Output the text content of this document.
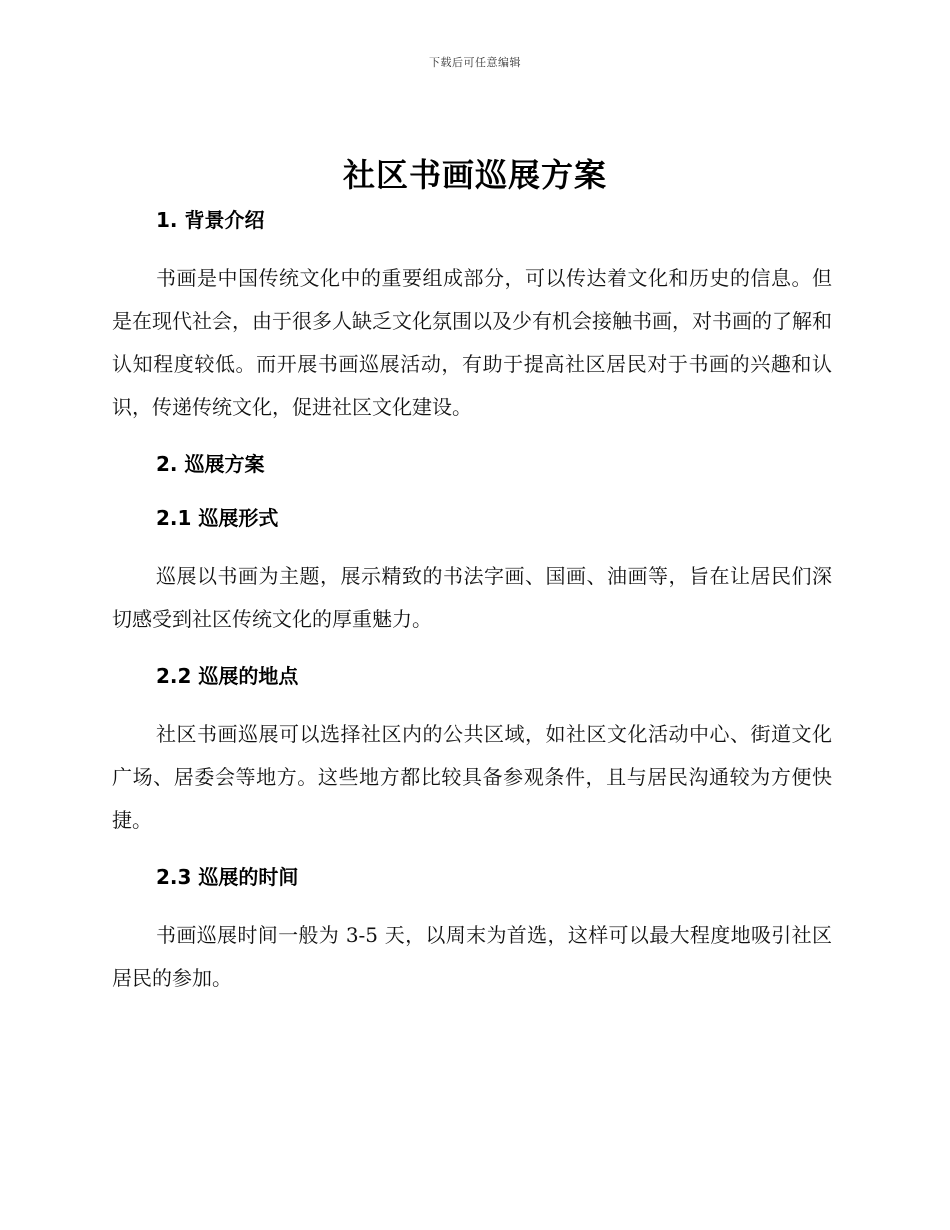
下载后可任意编辑
社区书画巡展方案
1. 背景介绍

书画是中国传统文化中的重要组成部分，可以传达着文化和历史的信息。但是在现代社会，由于很多人缺乏文化氛围以及少有机会接触书画，对书画的了解和认知程度较低。而开展书画巡展活动，有助于提高社区居民对于书画的兴趣和认识，传递传统文化，促进社区文化建设。

2. 巡展方案
2.1 巡展形式

巡展以书画为主题，展示精致的书法字画、国画、油画等，旨在让居民们深切感受到社区传统文化的厚重魅力。

2.2 巡展的地点

社区书画巡展可以选择社区内的公共区域，如社区文化活动中心、街道文化广场、居委会等地方。这些地方都比较具备参观条件，且与居民沟通较为方便快捷。

2.3 巡展的时间

书画巡展时间一般为 3-5 天，以周末为首选，这样可以最大程度地吸引社区居民的参加。
